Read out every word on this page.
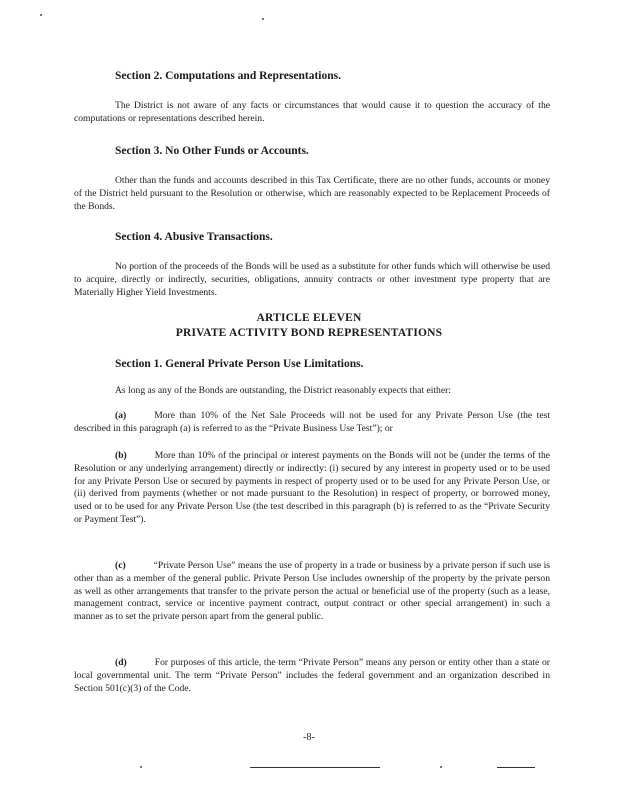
Section 2. Computations and Representations.
The District is not aware of any facts or circumstances that would cause it to question the accuracy of the computations or representations described herein.
Section 3. No Other Funds or Accounts.
Other than the funds and accounts described in this Tax Certificate, there are no other funds, accounts or money of the District held pursuant to the Resolution or otherwise, which are reasonably expected to be Replacement Proceeds of the Bonds.
Section 4. Abusive Transactions.
No portion of the proceeds of the Bonds will be used as a substitute for other funds which will otherwise be used to acquire, directly or indirectly, securities, obligations, annuity contracts or other investment type property that are Materially Higher Yield Investments.
ARTICLE ELEVEN
PRIVATE ACTIVITY BOND REPRESENTATIONS
Section 1. General Private Person Use Limitations.
As long as any of the Bonds are outstanding, the District reasonably expects that either:
(a)	More than 10% of the Net Sale Proceeds will not be used for any Private Person Use (the test described in this paragraph (a) is referred to as the “Private Business Use Test”); or
(b)	More than 10% of the principal or interest payments on the Bonds will not be (under the terms of the Resolution or any underlying arrangement) directly or indirectly: (i) secured by any interest in property used or to be used for any Private Person Use or secured by payments in respect of property used or to be used for any Private Person Use, or (ii) derived from payments (whether or not made pursuant to the Resolution) in respect of property, or borrowed money, used or to be used for any Private Person Use (the test described in this paragraph (b) is referred to as the “Private Security or Payment Test”).
(c)	“Private Person Use” means the use of property in a trade or business by a private person if such use is other than as a member of the general public. Private Person Use includes ownership of the property by the private person as well as other arrangements that transfer to the private person the actual or beneficial use of the property (such as a lease, management contract, service or incentive payment contract, output contract or other special arrangement) in such a manner as to set the private person apart from the general public.
(d)	For purposes of this article, the term “Private Person” means any person or entity other than a state or local governmental unit. The term “Private Person” includes the federal government and an organization described in Section 501(c)(3) of the Code.
-8-
